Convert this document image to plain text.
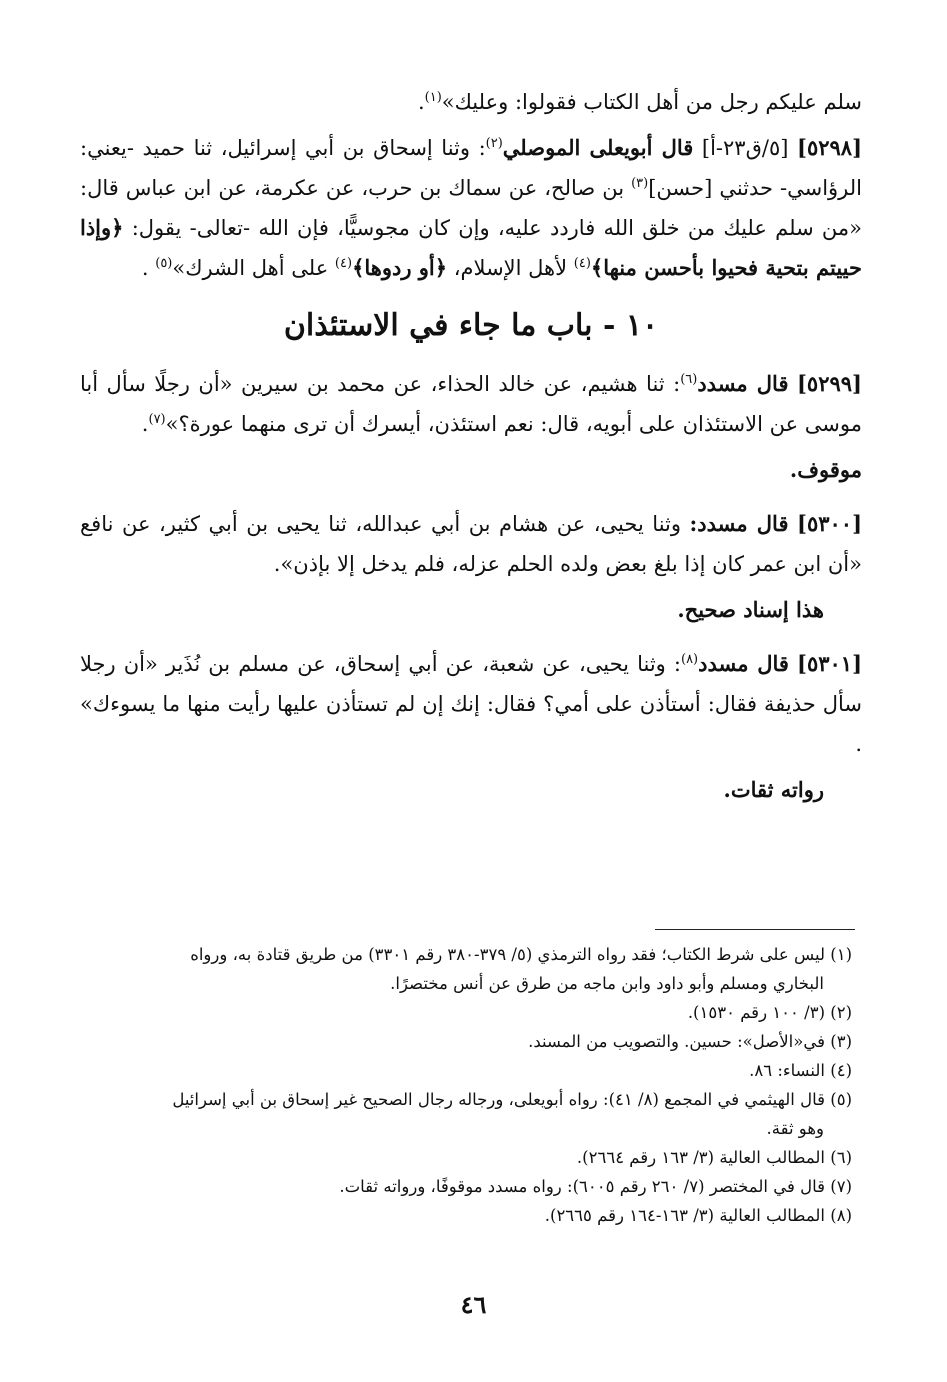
سلم عليكم رجل من أهل الكتاب فقولوا: وعليك»$^{(١)}$.

[٥٢٩٨] [٥/ق٢٣-أ] قال أبويعلى الموصلي$^{(٢)}$: وثنا إسحاق بن أبي إسرائيل، ثنا حميد -يعني: الرؤاسي- حدثني [حسن]$^{(٣)}$ بن صالح، عن سماك بن حرب، عن عكرمة، عن ابن عباس قال: «من سلم عليك من خلق الله فاردد عليه، وإن كان مجوسيًّا، فإن الله -تعالى- يقول: ﴿وإذا حييتم بتحية فحيوا بأحسن منها﴾$^{(٤)}$ لأهل الإسلام، ﴿أو ردوها﴾$^{(٤)}$ على أهل الشرك»$^{(٥)}$ .

١٠ - باب ما جاء في الاستئذان

[٥٢٩٩] قال مسدد$^{(٦)}$: ثنا هشيم، عن خالد الحذاء، عن محمد بن سيرين «أن رجلًا سأل أبا موسى عن الاستئذان على أبويه، قال: نعم استئذن، أيسرك أن ترى منهما عورة؟»$^{(٧)}$.

موقوف.

[٥٣٠٠] قال مسدد: وثنا يحيى، عن هشام بن أبي عبدالله، ثنا يحيى بن أبي كثير، عن نافع «أن ابن عمر كان إذا بلغ بعض ولده الحلم عزله، فلم يدخل إلا بإذن».

هذا إسناد صحيح.

[٥٣٠١] قال مسدد$^{(٨)}$: وثنا يحيى، عن شعبة، عن أبي إسحاق، عن مسلم بن نُذَير «أن رجلا سأل حذيفة فقال: أستأذن على أمي؟ فقال: إنك إن لم تستأذن عليها رأيت منها ما يسوءك» .

رواته ثقات.

(١) ليس على شرط الكتاب؛ فقد رواه الترمذي (٥/ ٣٧٩-٣٨٠ رقم ٣٣٠١) من طريق قتادة به، ورواه

البخاري ومسلم وأبو داود وابن ماجه من طرق عن أنس مختصرًا.

(٢) (٣/ ١٠٠ رقم ١٥٣٠).

(٣) في«الأصل»: حسين. والتصويب من المسند.

(٤) النساء: ٨٦.

(٥) قال الهيثمي في المجمع (٨/ ٤١): رواه أبويعلى، ورجاله رجال الصحيح غير إسحاق بن أبي إسرائيل

وهو ثقة.

(٦) المطالب العالية (٣/ ١٦٣ رقم ٢٦٦٤).

(٧) قال في المختصر (٧/ ٢٦٠ رقم ٦٠٠٥): رواه مسدد موقوفًا، ورواته ثقات.

(٨) المطالب العالية (٣/ ١٦٣-١٦٤ رقم ٢٦٦٥).

٤٦
